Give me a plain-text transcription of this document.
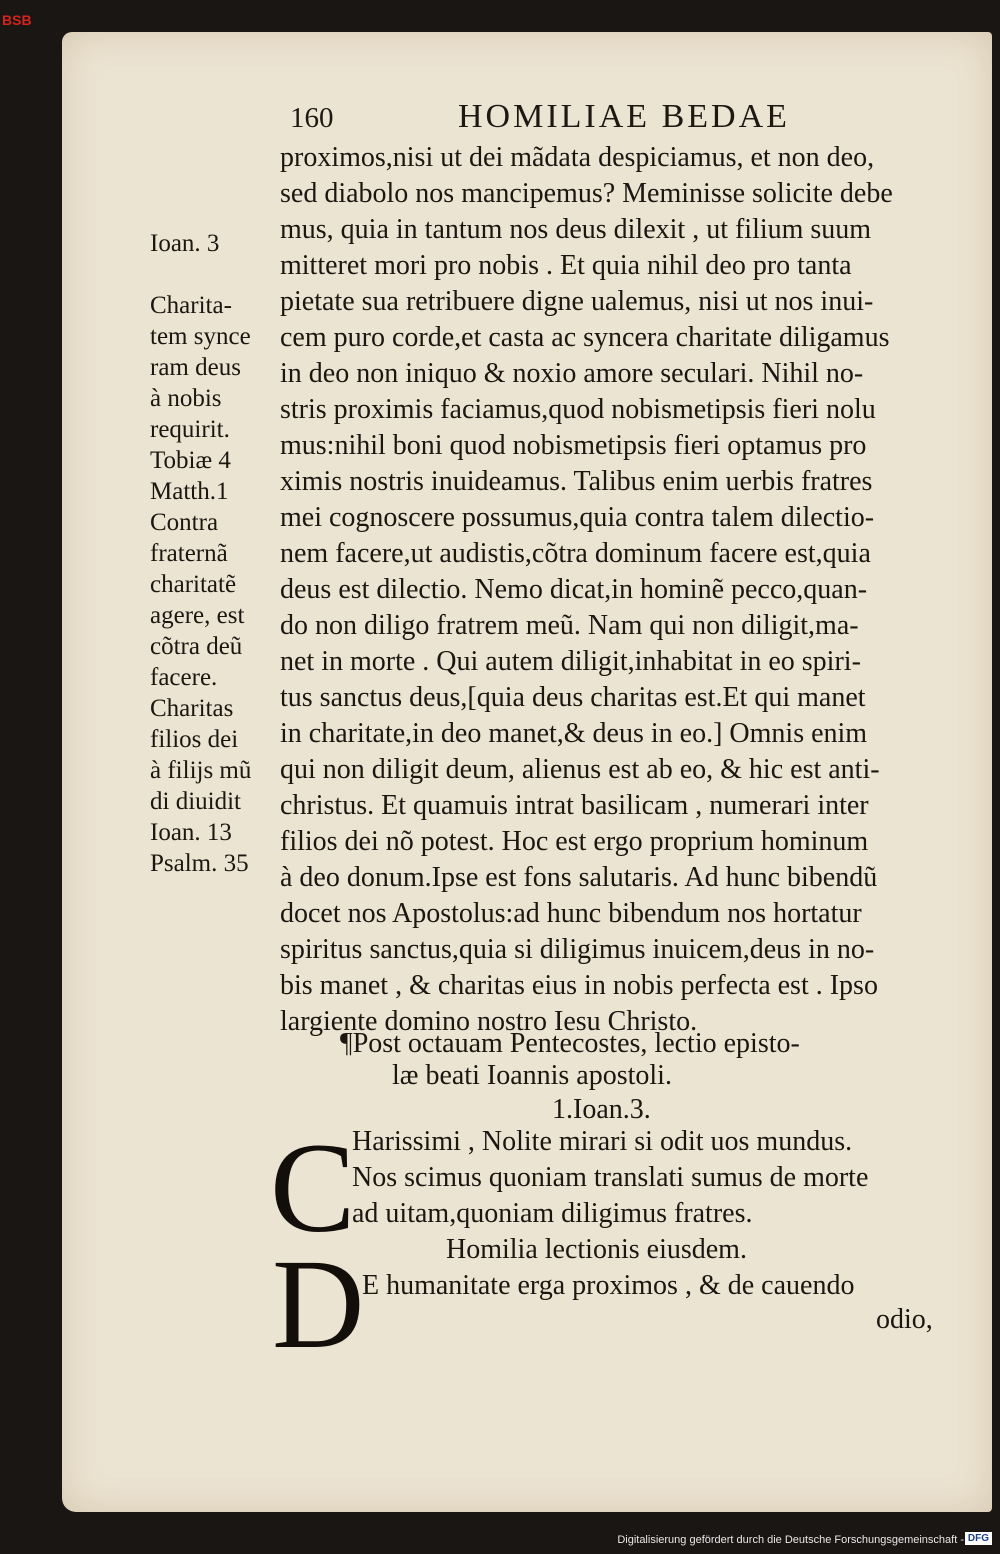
BSB
160	HOMILIAE BEDAE
proximos,nisi ut dei mãdata despiciamus, et non deo,
sed diabolo nos mancipemus? Meminisse solicite debe
mus, quia in tantum nos deus dilexit , ut filium suum
mitteret mori pro nobis . Et quia nihil deo pro tanta
pietate sua retribuere digne ualemus, nisi ut nos inui-
cem puro corde,et casta ac syncera charitate diligamus
in deo non iniquo & noxio amore seculari. Nihil no-
stris proximis faciamus,quod nobismetipsis fieri nolu
mus:nihil boni quod nobismetipsis fieri optamus pro
ximis nostris inuideamus. Talibus enim uerbis fratres
mei cognoscere possumus,quia contra talem dilectio-
nem facere,ut audistis,cõtra dominum facere est,quia
deus est dilectio. Nemo dicat,in hominẽ pecco,quan-
do non diligo fratrem meũ. Nam qui non diligit,ma-
net in morte . Qui autem diligit,inhabitat in eo spiri-
tus sanctus deus,[quia deus charitas est.Et qui manet
in charitate,in deo manet,& deus in eo.] Omnis enim
qui non diligit deum, alienus est ab eo, & hic est anti-
christus. Et quamuis intrat basilicam , numerari inter
filios dei nõ potest. Hoc est ergo proprium hominum
à deo donum.Ipse est fons salutaris. Ad hunc bibendũ
docet nos Apostolus:ad hunc bibendum nos hortatur
spiritus sanctus,quia si diligimus inuicem,deus in no-
bis manet , & charitas eius in nobis perfecta est . Ipso
largiente domino nostro Iesu Christo.
Ioan. 3

Charita-
tem synce
ram deus
à nobis
requirit.
Tobiæ 4
Matth.1
Contra
fraternã
charitatẽ
agere, est
cõtra deũ
facere.
Charitas
filios dei
à filijs mũ
di diuidit
Ioan. 13
Psalm. 35
¶Post octauam Pentecostes, lectio episto-
læ beati Ioannis apostoli.
1.Ioan.3.
C
Harissimi , Nolite mirari si odit uos mundus.
Nos scimus quoniam translati sumus de morte
ad uitam,quoniam diligimus fratres.
Homilia lectionis eiusdem.
D
E humanitate erga proximos , & de cauendo
odio,
Digitalisierung gefördert durch die Deutsche Forschungsgemeinschaft - DFG
